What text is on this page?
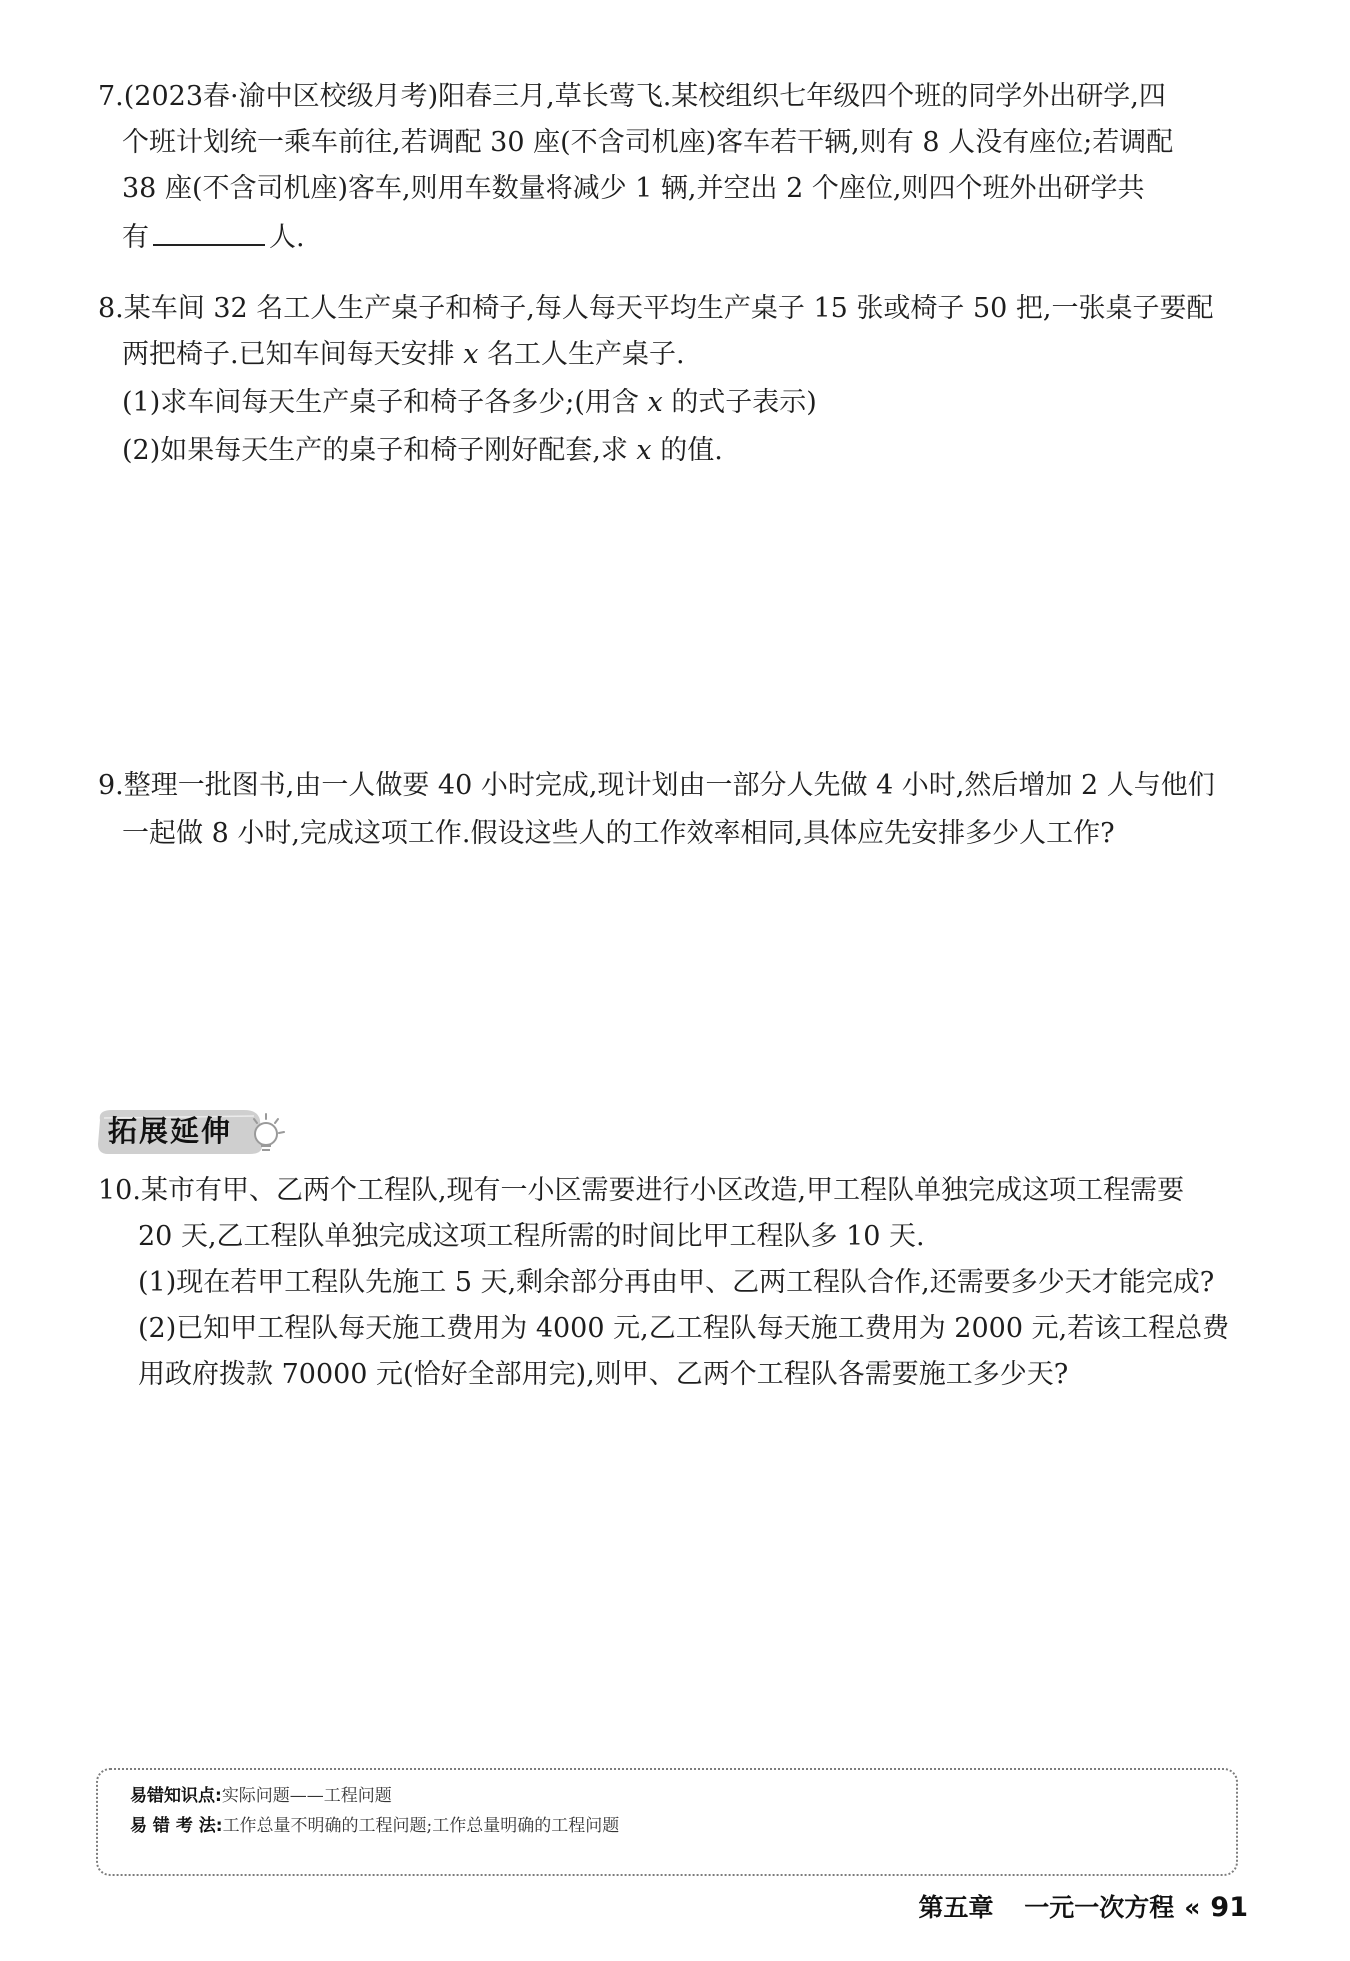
7.(2023春·渝中区校级月考)阳春三月,草长莺飞.某校组织七年级四个班的同学外出研学,四

个班计划统一乘车前往,若调配 30 座(不含司机座)客车若干辆,则有 8 人没有座位;若调配

38 座(不含司机座)客车,则用车数量将减少 1 辆,并空出 2 个座位,则四个班外出研学共

有	人.

8.某车间 32 名工人生产桌子和椅子,每人每天平均生产桌子 15 张或椅子 50 把,一张桌子要配

两把椅子.已知车间每天安排 x 名工人生产桌子.

(1)求车间每天生产桌子和椅子各多少;(用含 x 的式子表示)

(2)如果每天生产的桌子和椅子刚好配套,求 x 的值.

9.整理一批图书,由一人做要 40 小时完成,现计划由一部分人先做 4 小时,然后增加 2 人与他们

一起做 8 小时,完成这项工作.假设这些人的工作效率相同,具体应先安排多少人工作?

拓展延伸

10.某市有甲、乙两个工程队,现有一小区需要进行小区改造,甲工程队单独完成这项工程需要

20 天,乙工程队单独完成这项工程所需的时间比甲工程队多 10 天.

(1)现在若甲工程队先施工 5 天,剩余部分再由甲、乙两工程队合作,还需要多少天才能完成?

(2)已知甲工程队每天施工费用为 4000 元,乙工程队每天施工费用为 2000 元,若该工程总费

用政府拨款 70000 元(恰好全部用完),则甲、乙两个工程队各需要施工多少天?

易错知识点:实际问题——工程问题
易 错 考 法:工作总量不明确的工程问题;工作总量明确的工程问题
第五章 一元一次方程 « 91
